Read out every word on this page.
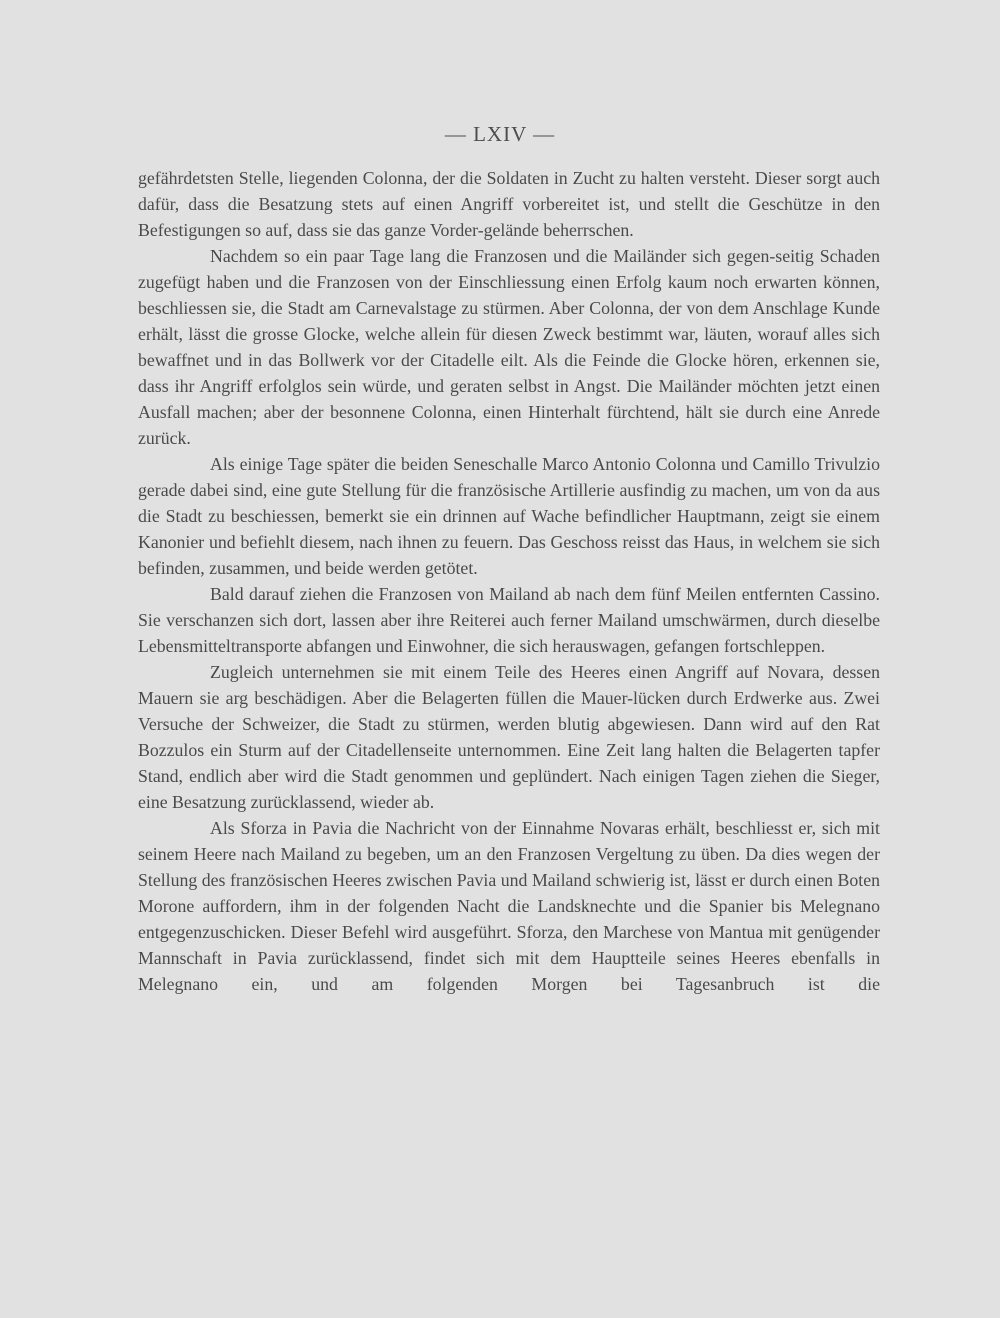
— LXIV —

gefährdetsten Stelle, liegenden Colonna, der die Soldaten in Zucht zu halten versteht. Dieser sorgt auch dafür, dass die Besatzung stets auf einen Angriff vorbereitet ist, und stellt die Geschütze in den Befestigungen so auf, dass sie das ganze Vorder-gelände beherrschen.

Nachdem so ein paar Tage lang die Franzosen und die Mailänder sich gegen-seitig Schaden zugefügt haben und die Franzosen von der Einschliessung einen Erfolg kaum noch erwarten können, beschliessen sie, die Stadt am Carnevalstage zu stürmen. Aber Colonna, der von dem Anschlage Kunde erhält, lässt die grosse Glocke, welche allein für diesen Zweck bestimmt war, läuten, worauf alles sich bewaffnet und in das Bollwerk vor der Citadelle eilt. Als die Feinde die Glocke hören, erkennen sie, dass ihr Angriff erfolglos sein würde, und geraten selbst in Angst. Die Mailänder möchten jetzt einen Ausfall machen; aber der besonnene Colonna, einen Hinterhalt fürchtend, hält sie durch eine Anrede zurück.

Als einige Tage später die beiden Seneschalle Marco Antonio Colonna und Camillo Trivulzio gerade dabei sind, eine gute Stellung für die französische Artillerie ausfindig zu machen, um von da aus die Stadt zu beschiessen, bemerkt sie ein drinnen auf Wache befindlicher Hauptmann, zeigt sie einem Kanonier und befiehlt diesem, nach ihnen zu feuern. Das Geschoss reisst das Haus, in welchem sie sich befinden, zusammen, und beide werden getötet.

Bald darauf ziehen die Franzosen von Mailand ab nach dem fünf Meilen entfernten Cassino. Sie verschanzen sich dort, lassen aber ihre Reiterei auch ferner Mailand umschwärmen, durch dieselbe Lebensmitteltransporte abfangen und Einwohner, die sich herauswagen, gefangen fortschleppen.

Zugleich unternehmen sie mit einem Teile des Heeres einen Angriff auf Novara, dessen Mauern sie arg beschädigen. Aber die Belagerten füllen die Mauer-lücken durch Erdwerke aus. Zwei Versuche der Schweizer, die Stadt zu stürmen, werden blutig abgewiesen. Dann wird auf den Rat Bozzulos ein Sturm auf der Citadellenseite unternommen. Eine Zeit lang halten die Belagerten tapfer Stand, endlich aber wird die Stadt genommen und geplündert. Nach einigen Tagen ziehen die Sieger, eine Besatzung zurücklassend, wieder ab.

Als Sforza in Pavia die Nachricht von der Einnahme Novaras erhält, beschliesst er, sich mit seinem Heere nach Mailand zu begeben, um an den Franzosen Vergeltung zu üben. Da dies wegen der Stellung des französischen Heeres zwischen Pavia und Mailand schwierig ist, lässt er durch einen Boten Morone auffordern, ihm in der folgenden Nacht die Landsknechte und die Spanier bis Melegnano entgegenzuschicken. Dieser Befehl wird ausgeführt. Sforza, den Marchese von Mantua mit genügender Mannschaft in Pavia zurücklassend, findet sich mit dem Hauptteile seines Heeres ebenfalls in Melegnano ein, und am folgenden Morgen bei Tagesanbruch ist die
